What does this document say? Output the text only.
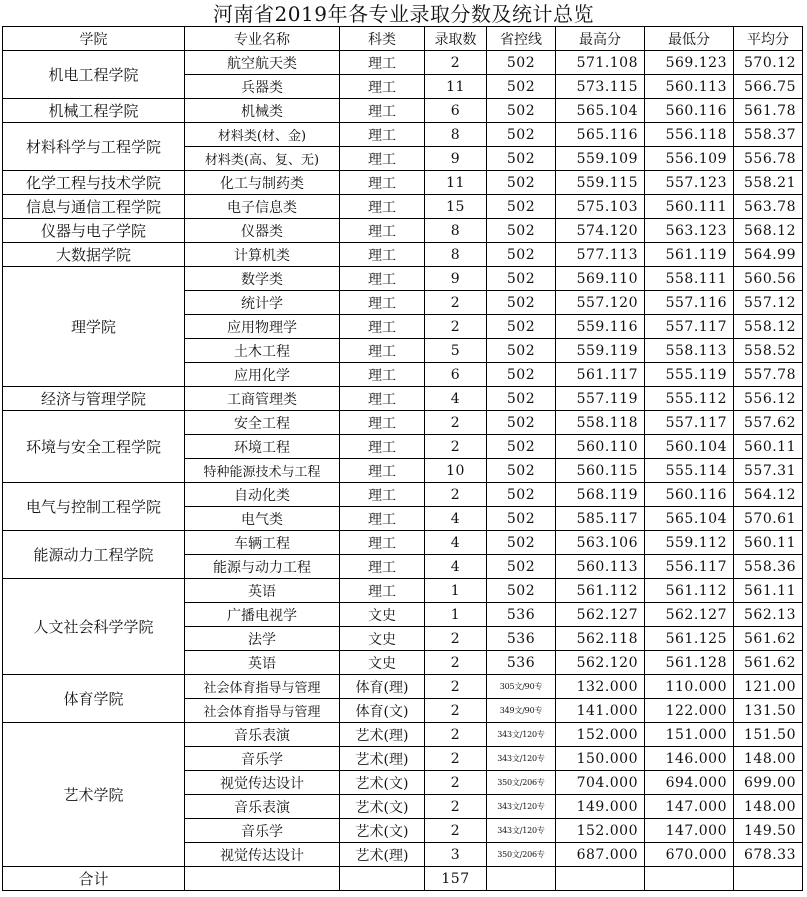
河南省2019年各专业录取分数及统计总览
学院	专业名称	科类	录取数	省控线	最高分	最低分	平均分
机电工程学院	航空航天类	理工	2	502	571.108	569.123	570.12
	兵器类	理工	11	502	573.115	560.113	566.75
机械工程学院	机械类	理工	6	502	565.104	560.116	561.78
材料科学与工程学院	材料类(材、金)	理工	8	502	565.116	556.118	558.37
	材料类(高、复、无)	理工	9	502	559.109	556.109	556.78
化学工程与技术学院	化工与制药类	理工	11	502	559.115	557.123	558.21
信息与通信工程学院	电子信息类	理工	15	502	575.103	560.111	563.78
仪器与电子学院	仪器类	理工	8	502	574.120	563.123	568.12
大数据学院	计算机类	理工	8	502	577.113	561.119	564.99
理学院	数学类	理工	9	502	569.110	558.111	560.56
	统计学	理工	2	502	557.120	557.116	557.12
	应用物理学	理工	2	502	559.116	557.117	558.12
	土木工程	理工	5	502	559.119	558.113	558.52
	应用化学	理工	6	502	561.117	555.119	557.78
经济与管理学院	工商管理类	理工	4	502	557.119	555.112	556.12
环境与安全工程学院	安全工程	理工	2	502	558.118	557.117	557.62
	环境工程	理工	2	502	560.110	560.104	560.11
	特种能源技术与工程	理工	10	502	560.115	555.114	557.31
电气与控制工程学院	自动化类	理工	2	502	568.119	560.116	564.12
	电气类	理工	4	502	585.117	565.104	570.61
能源动力工程学院	车辆工程	理工	4	502	563.106	559.112	560.11
	能源与动力工程	理工	4	502	560.113	556.117	558.36
人文社会科学学院	英语	理工	1	502	561.112	561.112	561.11
	广播电视学	文史	1	536	562.127	562.127	562.13
	法学	文史	2	536	562.118	561.125	561.62
	英语	文史	2	536	562.120	561.128	561.62
体育学院	社会体育指导与管理	体育(理)	2	305文/90专	132.000	110.000	121.00
	社会体育指导与管理	体育(文)	2	349文/90专	141.000	122.000	131.50
艺术学院	音乐表演	艺术(理)	2	343文/120专	152.000	151.000	151.50
	音乐学	艺术(理)	2	343文/120专	150.000	146.000	148.00
	视觉传达设计	艺术(文)	2	350文/206专	704.000	694.000	699.00
	音乐表演	艺术(文)	2	343文/120专	149.000	147.000	148.00
	音乐学	艺术(文)	2	343文/120专	152.000	147.000	149.50
	视觉传达设计	艺术(理)	3	350文/206专	687.000	670.000	678.33
合计			157				
